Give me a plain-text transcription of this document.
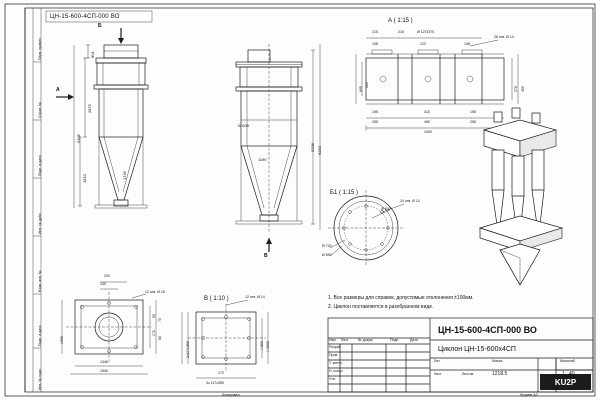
Перв. примен.
Справ. №
Подп. и дата
Инв. № дубл.
Взам. инв. №
Подп. и дата
Инв. № подл.
ЦН-15-600-4СП-000 ВО
Б
А
801
2875
1810
5105
1746
Ø 608
1190
6283
5208
В
А ( 1:15 )
215	215	Ø 127х370
108	123	108
26 отв. Ø 14
695
205
278 455
155	310	155
255	490	255
1000
Б1 ( 1:15 )
14 отв. Ø 14
Ø 630
Ø 730
Ø 690
200
140
12 отв. Ø 18
1996
1346
1546
50
75
170
80
В ( 1:10 )	12 отв. Ø 14
2х117х350	□ 1000
□ 800
172
3х 117х350
1. Все размеры для справок, допустимые отклонения ±100мм.
2. Циклон поставляется в разобранном виде.
ЦН-15-600-4СП-000 ВО
Циклон ЦН-15-600х4СП
Лит.	Масса	Масштаб
1218.5
Лист	Листов
Изм. Лист	№ докум.	Подп.	Дата
Разраб.
Пров.
Т. контр.
Н. контр.
Утв.	KU2P
Копировал	Формат А3
